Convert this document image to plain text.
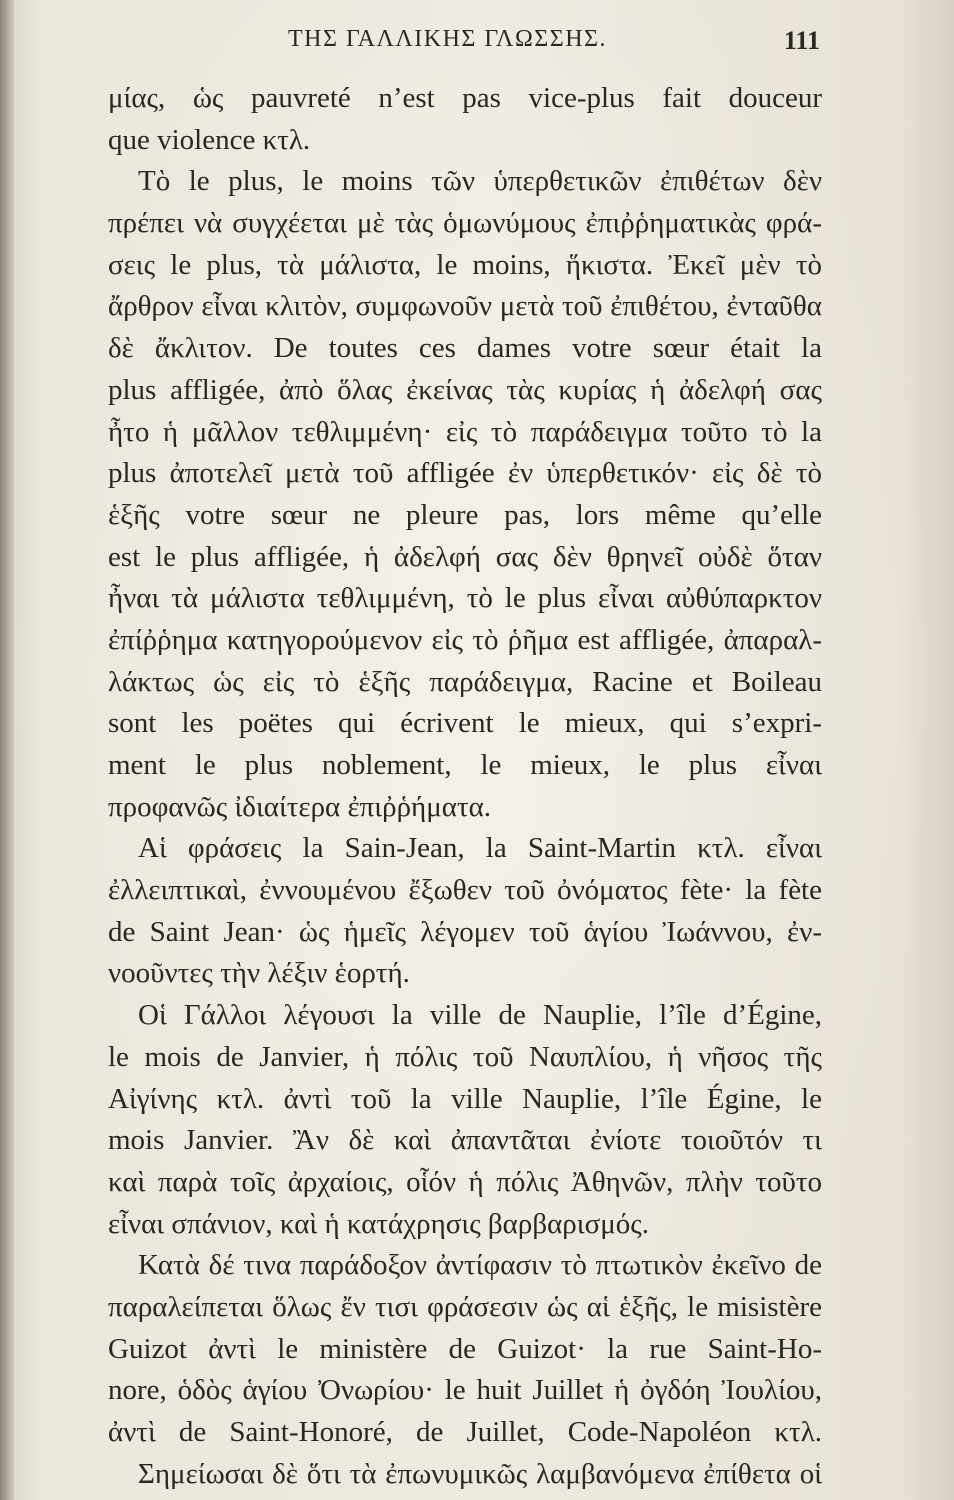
ΤΗΣ ΓΑΛΛΙΚΗΣ ΓΛΩΣΣΗΣ.	111
μίας, ὡς pauvreté n’est pas vice-plus fait douceur
que violence κτλ.
Τὸ le plus, le moins τῶν ὑπερθετικῶν ἐπιθέτων δὲν
πρέπει νὰ συγχέεται μὲ τὰς ὁμωνύμους ἐπιῤῥηματικὰς φρά-
σεις le plus, τὰ μάλιστα, le moins, ἥκιστα. Ἐκεῖ μὲν τὸ
ἄρθρον εἶναι κλιτὸν, συμφωνοῦν μετὰ τοῦ ἐπιθέτου, ἐνταῦθα
δὲ ἄκλιτον. De toutes ces dames votre sœur était la
plus affligée, ἀπὸ ὅλας ἐκείνας τὰς κυρίας ἡ ἀδελφή σας
ἦτο ἡ μᾶλλον τεθλιμμένη· εἰς τὸ παράδειγμα τοῦτο τὸ la
plus ἀποτελεῖ μετὰ τοῦ affligée ἐν ὑπερθετικόν· εἰς δὲ τὸ
ἑξῆς votre sœur ne pleure pas, lors même qu’elle
est le plus affligée, ἡ ἀδελφή σας δὲν θρηνεῖ οὐδὲ ὅταν
ἦναι τὰ μάλιστα τεθλιμμένη, τὸ le plus εἶναι αὐθύπαρκτον
ἐπίῤῥημα κατηγορούμενον εἰς τὸ ῥῆμα est affligée, ἀπαραλ-
λάκτως ὡς εἰς τὸ ἑξῆς παράδειγμα, Racine et Boileau
sont les poëtes qui écrivent le mieux, qui s’expri-
ment le plus noblement, le mieux, le plus εἶναι
προφανῶς ἰδιαίτερα ἐπιῤῥήματα.
Αἱ φράσεις la Sain-Jean, la Saint-Martin κτλ. εἶναι
ἐλλειπτικαὶ, ἐννουμένου ἔξωθεν τοῦ ὀνόματος fète· la fète
de Saint Jean· ὡς ἡμεῖς λέγομεν τοῦ ἁγίου Ἰωάννου, ἐν-
νοοῦντες τὴν λέξιν ἑορτή.
Οἱ Γάλλοι λέγουσι la ville de Nauplie, l’île d’Égine,
le mois de Janvier, ἡ πόλις τοῦ Ναυπλίου, ἡ νῆσος τῆς
Αἰγίνης κτλ. ἀντὶ τοῦ la ville Nauplie, l’île Égine, le
mois Janvier. Ἂν δὲ καὶ ἀπαντᾶται ἐνίοτε τοιοῦτόν τι
καὶ παρὰ τοῖς ἀρχαίοις, οἷόν ἡ πόλις Ἀθηνῶν, πλὴν τοῦτο
εἶναι σπάνιον, καὶ ἡ κατάχρησις βαρβαρισμός.
Κατὰ δέ τινα παράδοξον ἀντίφασιν τὸ πτωτικὸν ἐκεῖνο de
παραλείπεται ὅλως ἔν τισι φράσεσιν ὡς αἱ ἑξῆς, le misistère
Guizot ἀντὶ le ministère de Guizot· la rue Saint-Ho-
nore, ὁδὸς ἁγίου Ὀνωρίου· le huit Juillet ἡ ὀγδόη Ἰουλίου,
ἀντὶ de Saint-Honoré, de Juillet, Code-Napoléon κτλ.
Σημείωσαι δὲ ὅτι τὰ ἐπωνυμικῶς λαμβανόμενα ἐπίθετα οἱ
